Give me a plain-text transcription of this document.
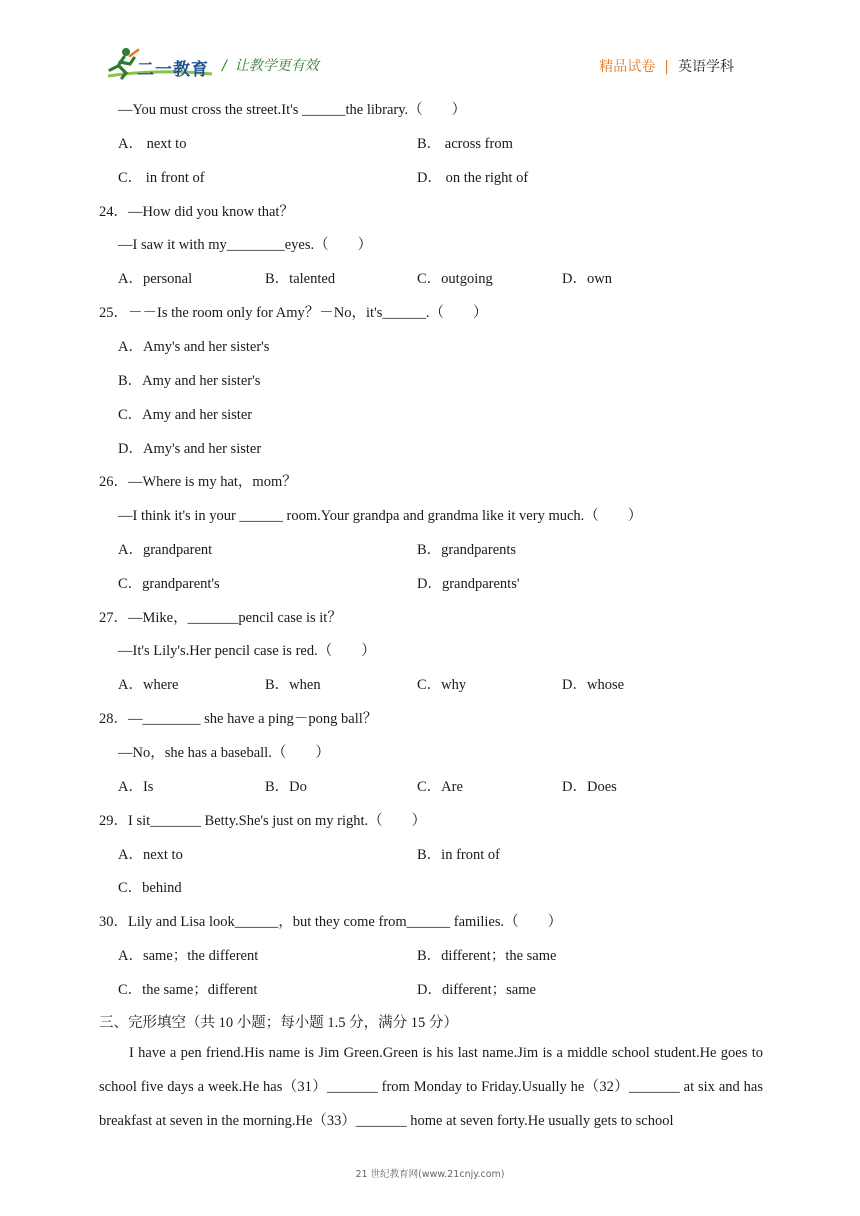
二一教育 / 让教学更有效	精品试卷 | 英语学科
—You must cross the street.It's ______the library.（　　）
A． next to	B． across from
C． in front of	D． on the right of
24．—How did you know that？
—I saw it with my________eyes.（　　）
A．personal	B．talented	C．outgoing	D．own
25．－－Is the room only for Amy？－No，it's______.（　　）
A．Amy's and her sister's
B．Amy and her sister's
C．Amy and her sister
D．Amy's and her sister
26．—Where is my hat，mom？
—I think it's in your ______ room.Your grandpa and grandma like it very much.（　　）
A．grandparent	B．grandparents
C．grandparent's	D．grandparents'
27．—Mike，_______pencil case is it？
—It's Lily's.Her pencil case is red.（　　）
A．where	B．when	C．why	D．whose
28．—________ she have a ping－pong ball？
—No，she has a baseball.（　　）
A．Is	B．Do	C．Are	D．Does
29．I sit_______ Betty.She's just on my right.（　　）
A．next to	B．in front of
C．behind
30．Lily and Lisa look______，but they come from______ families.（　　）
A．same；the different	B．different；the same
C．the same；different	D．different；same
三、完形填空（共 10 小题；每小题 1.5 分，满分 15 分）

I have a pen friend.His name is Jim Green.Green is his last name.Jim is a middle school student.He goes to school five days a week.He has（31）_______ from Monday to Friday.Usually he（32）_______ at six and has breakfast at seven in the morning.He（33）_______ home at seven forty.He usually gets to school

21 世纪教育网(www.21cnjy.com)
